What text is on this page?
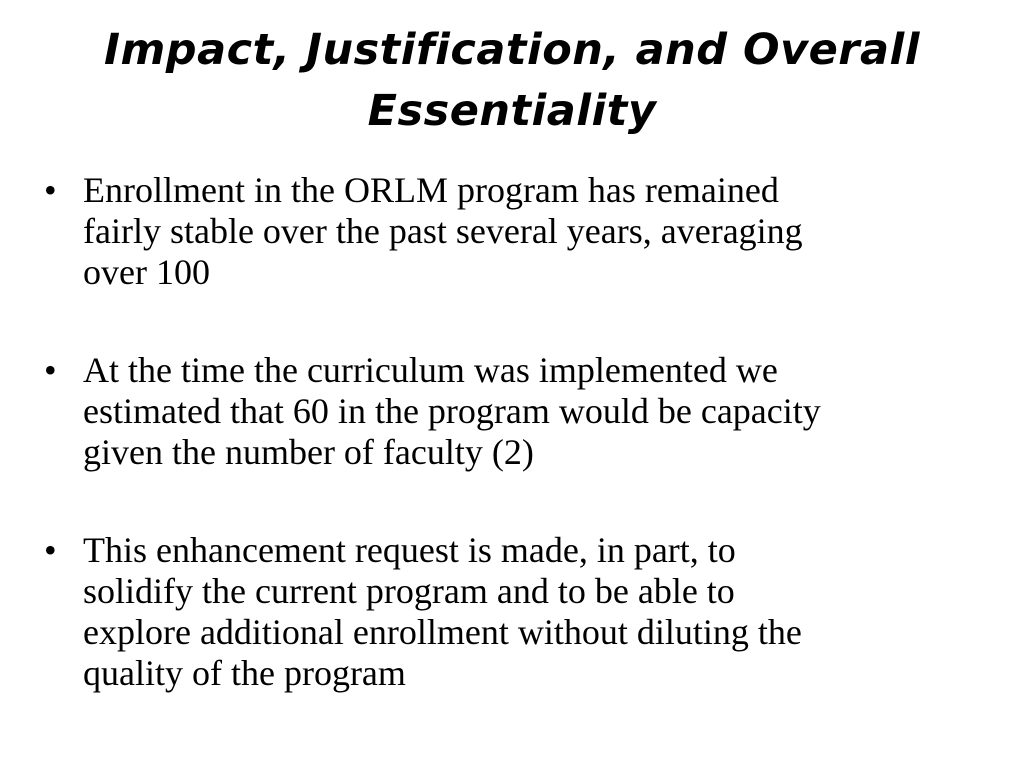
Impact, Justification, and Overall
Essentiality
• Enrollment in the ORLM program has remained
fairly stable over the past several years, averaging
over 100
• At the time the curriculum was implemented we
estimated that 60 in the program would be capacity
given the number of faculty (2)
• This enhancement request is made, in part, to
solidify the current program and to be able to
explore additional enrollment without diluting the
quality of the program
